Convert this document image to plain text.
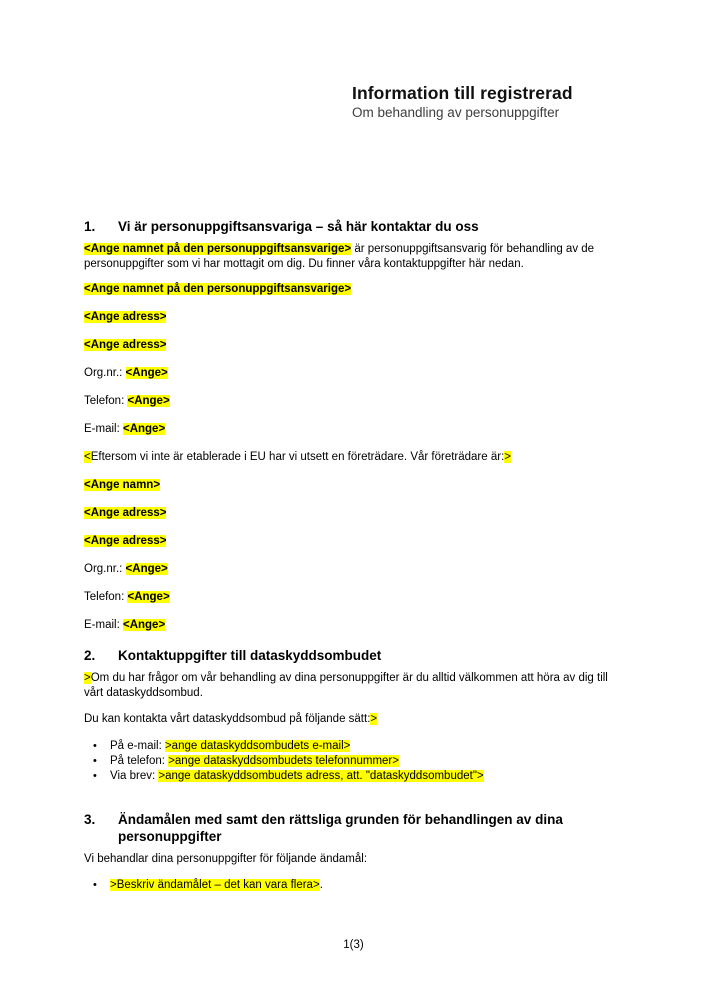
Information till registrerad
Om behandling av personuppgifter
1.	Vi är personuppgiftsansvariga – så här kontaktar du oss

<Ange namnet på den personuppgiftsansvarige> är personuppgiftsansvarig för behandling av de personuppgifter som vi har mottagit om dig. Du finner våra kontaktuppgifter här nedan.

<Ange namnet på den personuppgiftsansvarige>

<Ange adress>

<Ange adress>

Org.nr.: <Ange>

Telefon: <Ange>

E-mail: <Ange>

<Eftersom vi inte är etablerade i EU har vi utsett en företrädare. Vår företrädare är:>

<Ange namn>

<Ange adress>

<Ange adress>

Org.nr.: <Ange>

Telefon: <Ange>

E-mail: <Ange>

2.	Kontaktuppgifter till dataskyddsombudet

>Om du har frågor om vår behandling av dina personuppgifter är du alltid välkommen att höra av dig till vårt dataskyddsombud.

Du kan kontakta vårt dataskyddsombud på följande sätt:>

• På e-mail: >ange dataskyddsombudets e-mail>
• På telefon: >ange dataskyddsombudets telefonnummer>
• Via brev: >ange dataskyddsombudets adress, att. "dataskyddsombudet">
3.	Ändamålen med samt den rättsliga grunden för behandlingen av dina personuppgifter

Vi behandlar dina personuppgifter för följande ändamål:

• >Beskriv ändamålet – det kan vara flera>.
1(3)
